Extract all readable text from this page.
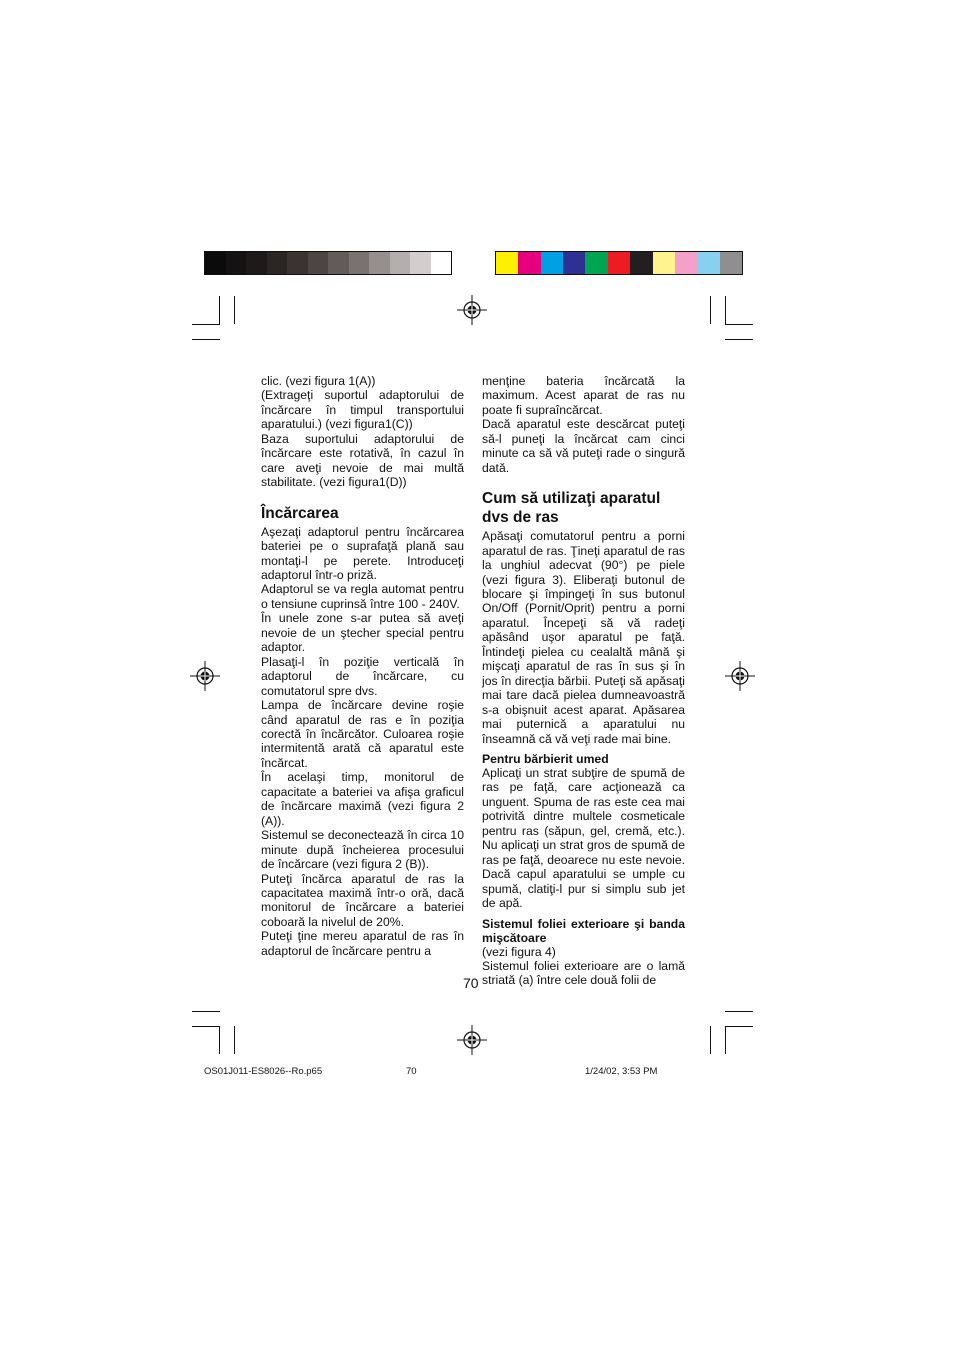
clic. (vezi figura 1(A))

(Extrageţi suportul adaptorului de încărcare în timpul transportului aparatului.) (vezi figura1(C))

Baza suportului adaptorului de încărcare este rotativă, în cazul în care aveţi nevoie de mai multă stabilitate. (vezi figura1(D))

Încărcarea

Aşezaţi adaptorul pentru încărcarea bateriei pe o suprafaţă plană sau montaţi-l pe perete. Introduceţi adaptorul într-o priză.

Adaptorul se va regla automat pentru o tensiune cuprinsă între 100 - 240V.

În unele zone s-ar putea să aveţi nevoie de un ştecher special pentru adaptor.

Plasaţi-l în poziţie verticală în adaptorul de încărcare, cu comutatorul spre dvs.

Lampa de încărcare devine roşie când aparatul de ras e în poziţia corectă în încărcător. Culoarea roşie intermitentă arată că aparatul este încărcat.

În acelaşi timp, monitorul de capacitate a bateriei va afişa graficul de încărcare maximă (vezi figura 2 (A)).

Sistemul se deconectează în circa 10 minute după încheierea procesului de încărcare (vezi figura 2 (B)).

Puteţi încărca aparatul de ras la capacitatea maximă într-o oră, dacă monitorul de încărcare a bateriei coboară la nivelul de 20%.

Puteţi ţine mereu aparatul de ras în adaptorul de încărcare pentru a

menţine bateria încărcată la maximum. Acest aparat de ras nu poate fi supraîncărcat.

Dacă aparatul este descărcat puteţi să-l puneţi la încărcat cam cinci minute ca să vă puteţi rade o singură dată.

Cum să utilizaţi aparatul dvs de ras

Apăsaţi comutatorul pentru a porni aparatul de ras. Ţineţi aparatul de ras la unghiul adecvat (90°) pe piele (vezi figura 3). Eliberaţi butonul de blocare şi împingeţi în sus butonul On/Off (Pornit/Oprit) pentru a porni aparatul. Începeţi să vă radeţi apăsând uşor aparatul pe faţă. Întindeţi pielea cu cealaltă mână şi mişcaţi aparatul de ras în sus şi în jos în direcţia bărbii. Puteţi să apăsaţi mai tare dacă pielea dumneavoastră s-a obişnuit acest aparat. Apăsarea mai puternică a aparatului nu înseamnă că vă veţi rade mai bine.

Pentru bărbierit umed

Aplicaţi un strat subţire de spumă de ras pe faţă, care acţionează ca unguent. Spuma de ras este cea mai potrivită dintre multele cosmeticale pentru ras (săpun, gel, cremă, etc.). Nu aplicaţi un strat gros de spumă de ras pe faţă, deoarece nu este nevoie. Dacă capul aparatului se umple cu spumă, clatiţi-l pur si simplu sub jet de apă.

Sistemul foliei exterioare şi banda mişcătoare

(vezi figura 4)

Sistemul foliei exterioare are o lamă striată (a) între cele două folii de

70
OS01J011-ES8026--Ro.p65	70	1/24/02, 3:53 PM
